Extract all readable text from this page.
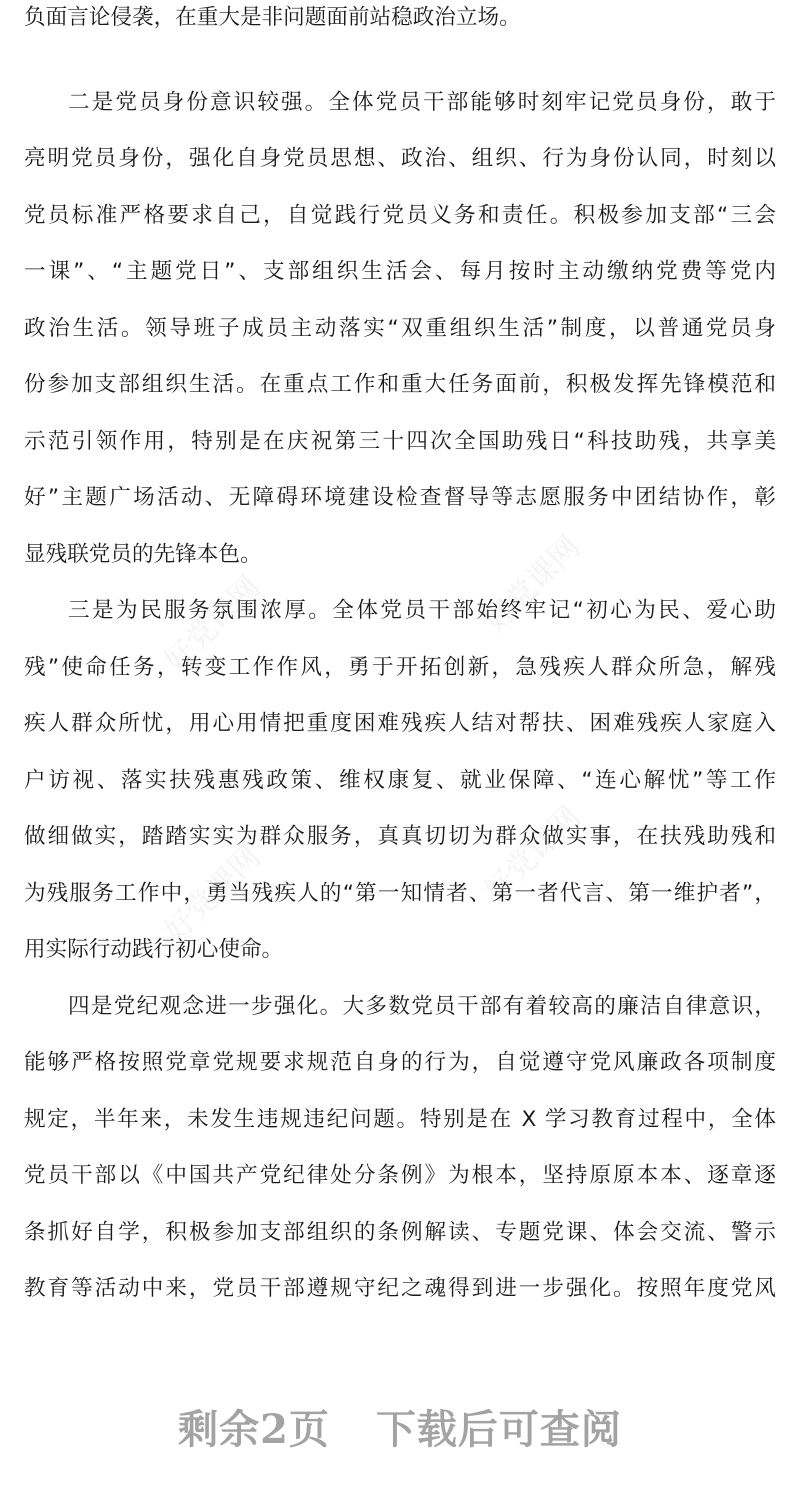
负面言论侵袭，在重大是非问题面前站稳政治立场。
二是党员身份意识较强。全体党员干部能够时刻牢记党员身份，敢于
亮明党员身份，强化自身党员思想、政治、组织、行为身份认同，时刻以
党员标准严格要求自己，自觉践行党员义务和责任。积极参加支部“三会
一课”、“主题党日”、支部组织生活会、每月按时主动缴纳党费等党内
政治生活。领导班子成员主动落实“双重组织生活”制度，以普通党员身
份参加支部组织生活。在重点工作和重大任务面前，积极发挥先锋模范和
示范引领作用，特别是在庆祝第三十四次全国助残日“科技助残，共享美
好”主题广场活动、无障碍环境建设检查督导等志愿服务中团结协作，彰
显残联党员的先锋本色。
三是为民服务氛围浓厚。全体党员干部始终牢记“初心为民、爱心助
残”使命任务，转变工作作风，勇于开拓创新，急残疾人群众所急，解残
疾人群众所忧，用心用情把重度困难残疾人结对帮扶、困难残疾人家庭入
户访视、落实扶残惠残政策、维权康复、就业保障、“连心解忧”等工作
做细做实，踏踏实实为群众服务，真真切切为群众做实事，在扶残助残和
为残服务工作中，勇当残疾人的“第一知情者、第一者代言、第一维护者”，
用实际行动践行初心使命。
四是党纪观念进一步强化。大多数党员干部有着较高的廉洁自律意识，
能够严格按照党章党规要求规范自身的行为，自觉遵守党风廉政各项制度
规定，半年来，未发生违规违纪问题。特别是在 X 学习教育过程中，全体
党员干部以《中国共产党纪律处分条例》为根本，坚持原原本本、逐章逐
条抓好自学，积极参加支部组织的条例解读、专题党课、体会交流、警示
教育等活动中来，党员干部遵规守纪之魂得到进一步强化。按照年度党风
好党课网	好党课网
好党课网	好党课网
剩余2页 下载后可查阅
